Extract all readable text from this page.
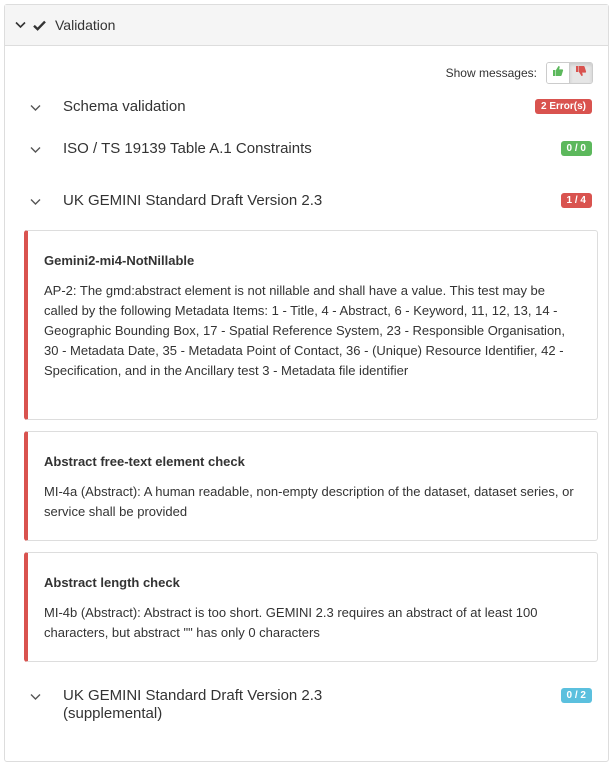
Validation
Show messages:
Schema validation	2 Error(s)
ISO / TS 19139 Table A.1 Constraints	0 / 0
UK GEMINI Standard Draft Version 2.3	1 / 4
Gemini2-mi4-NotNillable
AP-2: The gmd:abstract element is not nillable and shall have a value. This test may be called by the following Metadata Items: 1 - Title, 4 - Abstract, 6 - Keyword, 11, 12, 13, 14 - Geographic Bounding Box, 17 - Spatial Reference System, 23 - Responsible Organisation, 30 - Metadata Date, 35 - Metadata Point of Contact, 36 - (Unique) Resource Identifier, 42 - Specification, and in the Ancillary test 3 - Metadata file identifier
Abstract free-text element check
MI-4a (Abstract): A human readable, non-empty description of the dataset, dataset series, or service shall be provided
Abstract length check
MI-4b (Abstract): Abstract is too short. GEMINI 2.3 requires an abstract of at least 100 characters, but abstract "" has only 0 characters
UK GEMINI Standard Draft Version 2.3 (supplemental)
0 / 2
